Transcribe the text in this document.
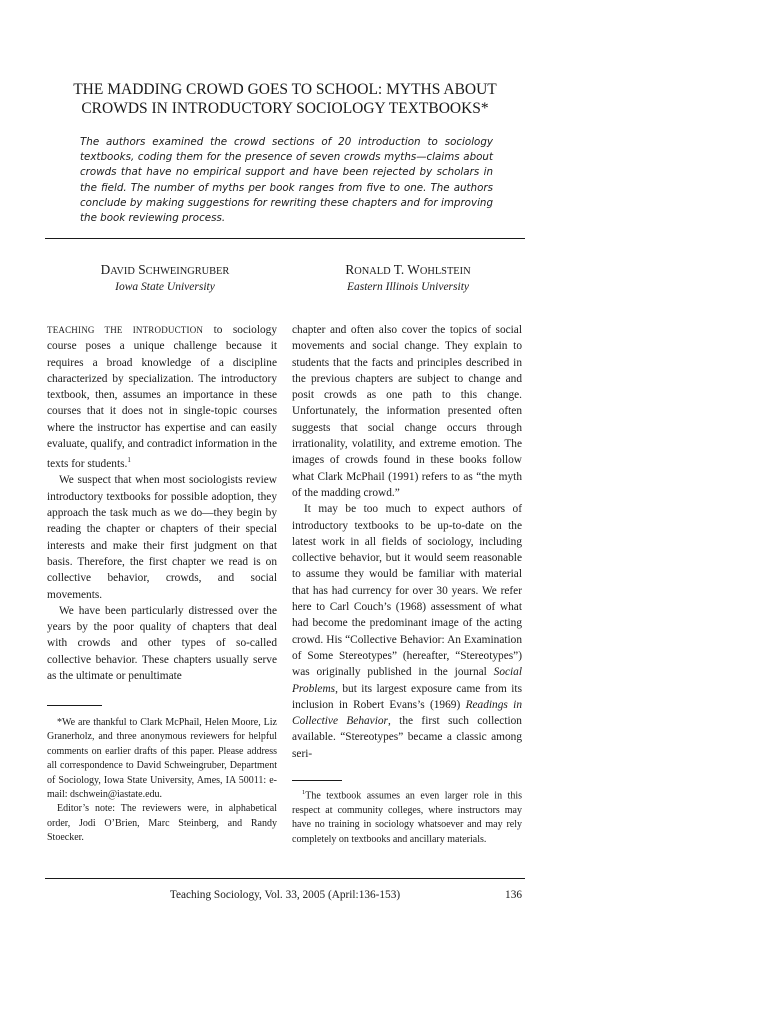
THE MADDING CROWD GOES TO SCHOOL: MYTHS ABOUT
CROWDS IN INTRODUCTORY SOCIOLOGY TEXTBOOKS*
The authors examined the crowd sections of 20 introduction to sociology textbooks, coding them for the presence of seven crowds myths—claims about crowds that have no empirical support and have been rejected by scholars in the field. The number of myths per book ranges from five to one. The authors conclude by making suggestions for rewriting these chapters and for improving the book reviewing process.
DAVID SCHWEINGRUBER
Iowa State University
RONALD T. WOHLSTEIN
Eastern Illinois University

TEACHING THE INTRODUCTION to sociology course poses a unique challenge because it requires a broad knowledge of a discipline characterized by specialization. The introductory textbook, then, assumes an importance in these courses that it does not in single-topic courses where the instructor has expertise and can easily evaluate, qualify, and contradict information in the texts for students.$^1$

We suspect that when most sociologists review introductory textbooks for possible adoption, they approach the task much as we do—they begin by reading the chapter or chapters of their special interests and make their first judgment on that basis. Therefore, the first chapter we read is on collective behavior, crowds, and social movements.

We have been particularly distressed over the years by the poor quality of chapters that deal with crowds and other types of so-called collective behavior. These chapters usually serve as the ultimate or penultimate

*We are thankful to Clark McPhail, Helen Moore, Liz Granerholz, and three anonymous reviewers for helpful comments on earlier drafts of this paper. Please address all correspondence to David Schweingruber, Department of Sociology, Iowa State University, Ames, IA 50011: e-mail: dschwein@iastate.edu.

Editor’s note: The reviewers were, in alphabetical order, Jodi O’Brien, Marc Steinberg, and Randy Stoecker.

chapter and often also cover the topics of social movements and social change. They explain to students that the facts and principles described in the previous chapters are subject to change and posit crowds as one path to this change. Unfortunately, the information presented often suggests that social change occurs through irrationality, volatility, and extreme emotion. The images of crowds found in these books follow what Clark McPhail (1991) refers to as “the myth of the madding crowd.”

It may be too much to expect authors of introductory textbooks to be up-to-date on the latest work in all fields of sociology, including collective behavior, but it would seem reasonable to assume they would be familiar with material that has had currency for over 30 years. We refer here to Carl Couch’s (1968) assessment of what had become the predominant image of the acting crowd. His “Collective Behavior: An Examination of Some Stereotypes” (hereafter, “Stereotypes”) was originally published in the journal Social Problems, but its largest exposure came from its inclusion in Robert Evans’s (1969) Readings in Collective Behavior, the first such collection available. “Stereotypes” became a classic among seri-

$^1$The textbook assumes an even larger role in this respect at community colleges, where instructors may have no training in sociology whatsoever and may rely completely on textbooks and ancillary materials.

Teaching Sociology, Vol. 33, 2005 (April:136-153)	136
